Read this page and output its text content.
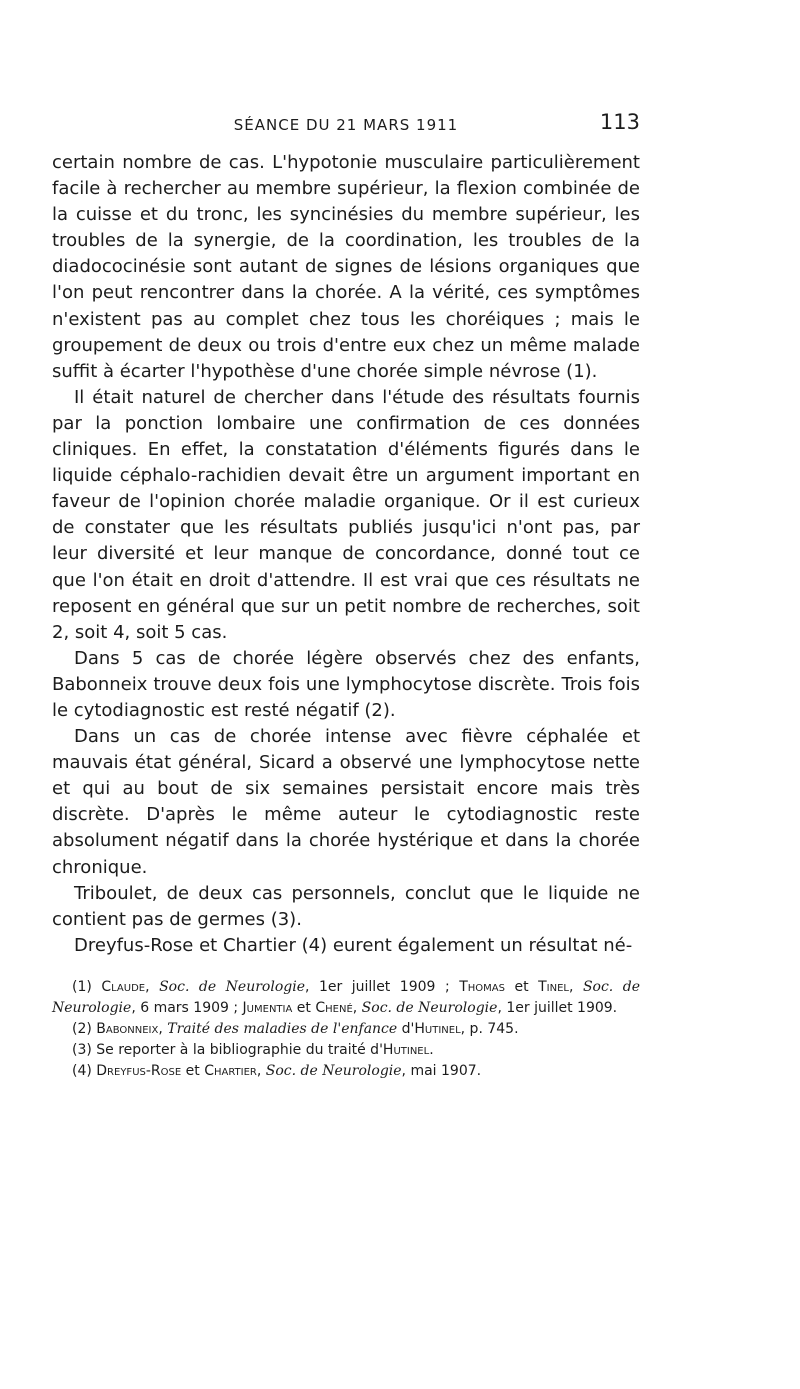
SÉANCE DU 21 MARS 1911	113

certain nombre de cas. L'hypotonie musculaire particulièrement facile à rechercher au membre supérieur, la flexion combinée de la cuisse et du tronc, les syncinésies du membre supérieur, les troubles de la synergie, de la coordination, les troubles de la diadococinésie sont autant de signes de lésions organiques que l'on peut rencontrer dans la chorée. A la vérité, ces symptômes n'existent pas au complet chez tous les choréiques ; mais le groupement de deux ou trois d'entre eux chez un même malade suffit à écarter l'hypothèse d'une chorée simple névrose (1).

Il était naturel de chercher dans l'étude des résultats fournis par la ponction lombaire une confirmation de ces données cliniques. En effet, la constatation d'éléments figurés dans le liquide céphalo-rachidien devait être un argument important en faveur de l'opinion chorée maladie organique. Or il est curieux de constater que les résultats publiés jusqu'ici n'ont pas, par leur diversité et leur manque de concordance, donné tout ce que l'on était en droit d'attendre. Il est vrai que ces résultats ne reposent en général que sur un petit nombre de recherches, soit 2, soit 4, soit 5 cas.

Dans 5 cas de chorée légère observés chez des enfants, Babonneix trouve deux fois une lymphocytose discrète. Trois fois le cytodiagnostic est resté négatif (2).

Dans un cas de chorée intense avec fièvre céphalée et mauvais état général, Sicard a observé une lymphocytose nette et qui au bout de six semaines persistait encore mais très discrète. D'après le même auteur le cytodiagnostic reste absolument négatif dans la chorée hystérique et dans la chorée chronique.

Triboulet, de deux cas personnels, conclut que le liquide ne contient pas de germes (3).

Dreyfus-Rose et Chartier (4) eurent également un résultat né-

(1) Claude, Soc. de Neurologie, 1er juillet 1909 ; Thomas et Tinel, Soc. de Neurologie, 6 mars 1909 ; Jumentia et Chené, Soc. de Neurologie, 1er juillet 1909.

(2) Babonneix, Traité des maladies de l'enfance d'Hutinel, p. 745.

(3) Se reporter à la bibliographie du traité d'Hutinel.

(4) Dreyfus-Rose et Chartier, Soc. de Neurologie, mai 1907.
